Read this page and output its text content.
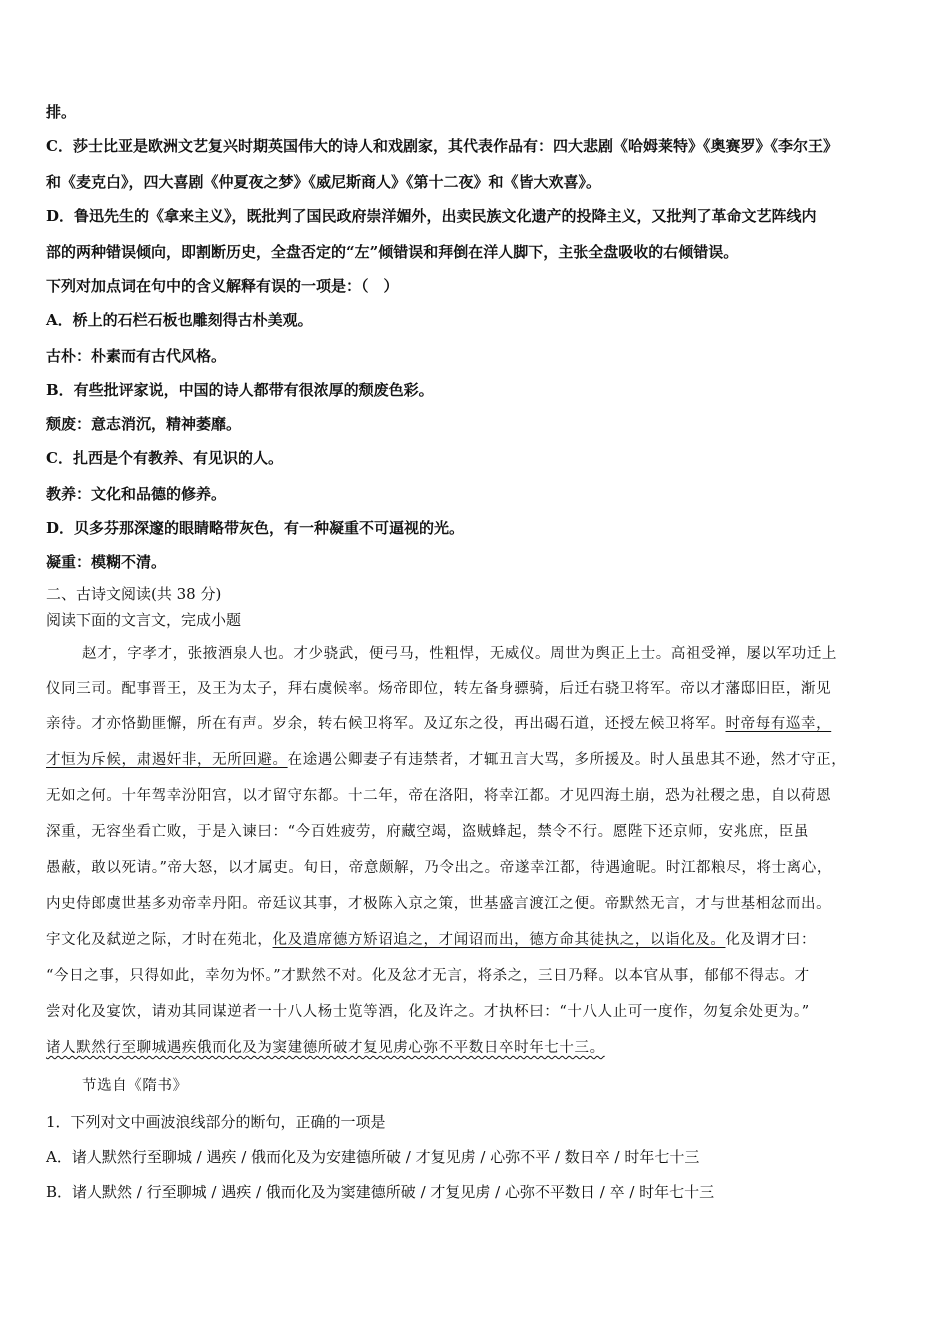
排。
C．莎士比亚是欧洲文艺复兴时期英国伟大的诗人和戏剧家，其代表作品有：四大悲剧《哈姆莱特》《奥赛罗》《李尔王》
和《麦克白》，四大喜剧《仲夏夜之梦》《威尼斯商人》《第十二夜》和《皆大欢喜》。
D．鲁迅先生的《拿来主义》，既批判了国民政府崇洋媚外，出卖民族文化遗产的投降主义，又批判了革命文艺阵线内
部的两种错误倾向，即割断历史，全盘否定的“左”倾错误和拜倒在洋人脚下，主张全盘吸收的右倾错误。
下列对加点词在句中的含义解释有误的一项是：（　）
A．桥上的石栏石板也雕刻得古朴美观。
古朴：朴素而有古代风格。
B．有些批评家说，中国的诗人都带有很浓厚的颓废色彩。
颓废：意志消沉，精神萎靡。
C．扎西是个有教养、有见识的人。
教养：文化和品德的修养。
D．贝多芬那深邃的眼睛略带灰色，有一种凝重不可逼视的光。
凝重：模糊不清。
二、古诗文阅读(共 38 分)
阅读下面的文言文，完成小题
赵才，字孝才，张掖酒泉人也。才少骁武，便弓马，性粗悍，无威仪。周世为舆正上士。高祖受禅，屡以军功迁上
仪同三司。配事晋王，及王为太子，拜右虞候率。炀帝即位，转左备身骠骑，后迁右骁卫将军。帝以才藩邸旧臣，渐见
亲待。才亦恪勤匪懈，所在有声。岁余，转右候卫将军。及辽东之役，再出碣石道，还授左候卫将军。时帝每有巡幸，
才恒为斥候，肃遏奸非，无所回避。在途遇公卿妻子有违禁者，才辄丑言大骂，多所援及。时人虽患其不逊，然才守正，
无如之何。十年驾幸汾阳宫，以才留守东都。十二年，帝在洛阳，将幸江都。才见四海土崩，恐为社稷之患，自以荷恩
深重，无容坐看亡败，于是入谏曰：“今百姓疲劳，府藏空竭，盗贼蜂起，禁令不行。愿陛下还京师，安兆庶，臣虽
愚蔽，敢以死请。”帝大怒，以才属吏。旬日，帝意颇解，乃令出之。帝遂幸江都，待遇逾昵。时江都粮尽，将士离心，
内史侍郎虞世基多劝帝幸丹阳。帝廷议其事，才极陈入京之策，世基盛言渡江之便。帝默然无言，才与世基相忿而出。
宇文化及弑逆之际，才时在苑北，化及遣席德方矫诏追之，才闻诏而出，德方命其徒执之，以诣化及。化及谓才曰：
“今日之事，只得如此，幸勿为怀。”才默然不对。化及忿才无言，将杀之，三日乃释。以本官从事，郁郁不得志。才
尝对化及宴饮，请劝其同谋逆者一十八人杨士览等酒，化及许之。才执杯曰：“十八人止可一度作，勿复余处更为。”
诸人默然行至聊城遇疾俄而化及为窦建德所破才复见虏心弥不平数日卒时年七十三。
节选自《隋书》
1．下列对文中画波浪线部分的断句，正确的一项是
A．诸人默然行至聊城 / 遇疾 / 俄而化及为安建德所破 / 才复见虏 / 心弥不平 / 数日卒 / 时年七十三
B．诸人默然 / 行至聊城 / 遇疾 / 俄而化及为窦建德所破 / 才复见虏 / 心弥不平数日 / 卒 / 时年七十三
